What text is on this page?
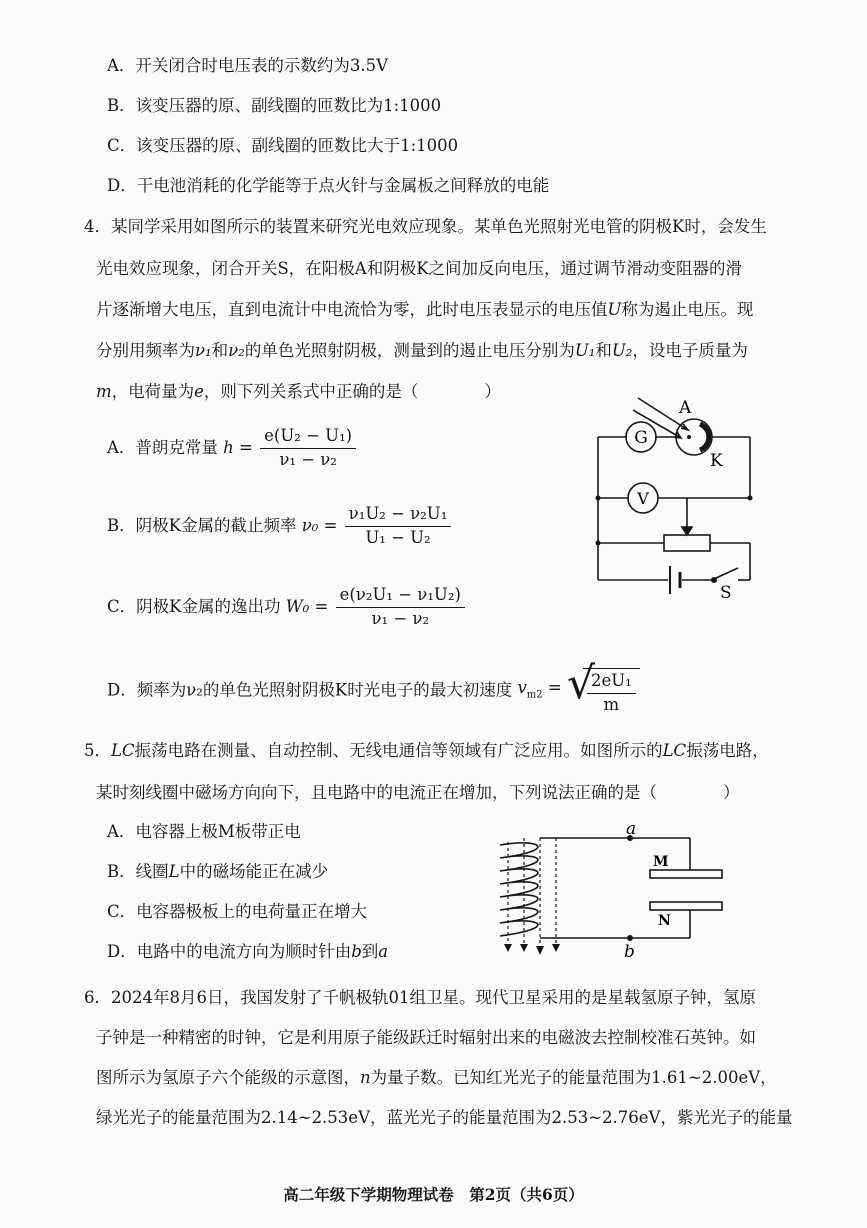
A．开关闭合时电压表的示数约为3.5V
B．该变压器的原、副线圈的匝数比为1:1000
C．该变压器的原、副线圈的匝数比大于1:1000
D．干电池消耗的化学能等于点火针与金属板之间释放的电能
4．某同学采用如图所示的装置来研究光电效应现象。某单色光照射光电管的阴极K时，会发生
光电效应现象，闭合开关S，在阳极A和阴极K之间加反向电压，通过调节滑动变阻器的滑
片逐渐增大电压，直到电流计中电流恰为零，此时电压表显示的电压值U称为遏止电压。现
分别用频率为ν₁和ν₂的单色光照射阴极，测量到的遏止电压分别为U₁和U₂，设电子质量为
m，电荷量为e，则下列关系式中正确的是（　　　　）
A．普朗克常量 $h = \frac{\text{e(U₂ − U₁)}}{\text{ν₁ − ν₂}}$
B．阴极K金属的截止频率 $\nu_0 = \frac{\text{ν₁U₂ − ν₂U₁}}{\text{U₁ − U₂}}$
C．阴极K金属的逸出功 $W_0 = \frac{\text{e(ν₂U₁ − ν₁U₂)}}{\text{ν₁ − ν₂}}$
D．频率为ν₂的单色光照射阴极K时光电子的最大初速度 $v_{m2}$ = √
$\frac{\text{2eU₁}}{m}$
G
V
A
K
S
5．LC振荡电路在测量、自动控制、无线电通信等领域有广泛应用。如图所示的LC振荡电路，
某时刻线圈中磁场方向向下，且电路中的电流正在增加，下列说法正确的是（　　　　）
A．电容器上极M板带正电
B．线圈L中的磁场能正在减少
C．电容器极板上的电荷量正在增大
D．电路中的电流方向为顺时针由b到a
a
b
M
N
6．2024年8月6日，我国发射了千帆极轨01组卫星。现代卫星采用的是星载氢原子钟，氢原
子钟是一种精密的时钟，它是利用原子能级跃迁时辐射出来的电磁波去控制校准石英钟。如
图所示为氢原子六个能级的示意图，n为量子数。已知红光光子的能量范围为1.61~2.00eV，
绿光光子的能量范围为2.14~2.53eV，蓝光光子的能量范围为2.53~2.76eV，紫光光子的能量
高二年级下学期物理试卷　第2页（共6页）
